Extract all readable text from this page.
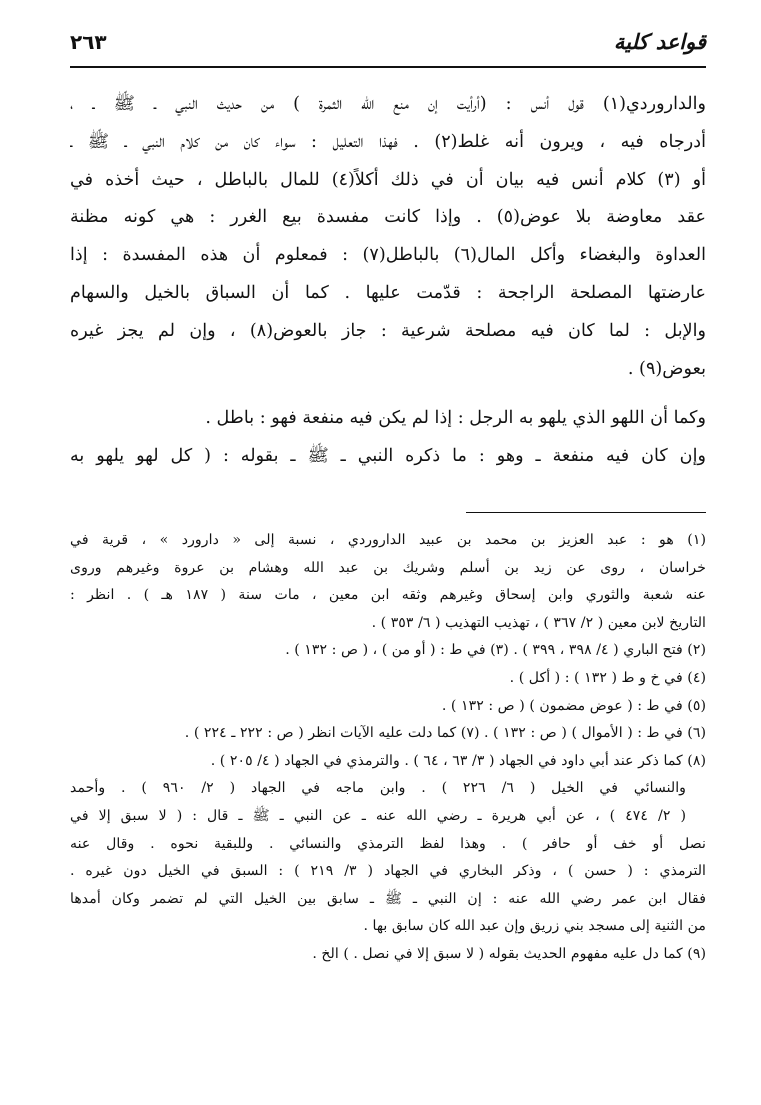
قواعد كلية
٢٦٣
والداروردي(١) قول أنس : (أرأيت إن منع الله الثمرة ) من حديث النبي ـ ﷺ ـ ،
أدرجاه فيه ، ويرون أنه غلط(٢) . فهذا التعليل : سواء كان من كلام النبي ـ ﷺ ـ
أو (٣) كلام أنس فيه بيان أن في ذلك أكلاً(٤) للمال بالباطل ، حيث أخذه في
عقد معاوضة بلا عوض(٥) . وإذا كانت مفسدة بيع الغرر : هي كونه مظنة
العداوة والبغضاء وأكل المال(٦) بالباطل(٧) : فمعلوم أن هذه المفسدة : إذا
عارضتها المصلحة الراجحة : قدّمت عليها . كما أن السباق بالخيل والسهام
والإبل : لما كان فيه مصلحة شرعية : جاز بالعوض(٨) ، وإن لم يجز غيره
بعوض(٩) .
وكما أن اللهو الذي يلهو به الرجل : إذا لم يكن فيه منفعة فهو : باطل .
وإن كان فيه منفعة ـ وهو : ما ذكره النبي ـ ﷺ ـ بقوله : ( كل لهو يلهو به
(١) هو : عبد العزيز بن محمد بن عبيد الداروردي ، نسبة إلى « دارورد » ، قرية في
خراسان ، روى عن زيد بن أسلم وشريك بن عبد الله وهشام بن عروة وغيرهم وروى
عنه شعبة والثوري وابن إسحاق وغيرهم وثقه ابن معين ، مات سنة ( ١٨٧ هـ ) . انظر :
التاريخ لابن معين ( ٢/ ٣٦٧ ) ، تهذيب التهذيب ( ٦/ ٣٥٣ ) .
(٢) فتح الباري ( ٤/ ٣٩٨ ، ٣٩٩ ) . (٣) في ط : ( أو من ) ، ( ص : ١٣٢ ) .
(٤) في خ و ط ( ١٣٢ ) : ( أكل ) .
(٥) في ط : ( عوض مضمون ) ( ص : ١٣٢ ) .
(٦) في ط : ( الأموال ) ( ص : ١٣٢ ) . (٧) كما دلت عليه الآيات انظر ( ص : ٢٢٢ ـ ٢٢٤ ) .
(٨) كما ذكر عند أبي داود في الجهاد ( ٣/ ٦٣ ، ٦٤ ) . والترمذي في الجهاد ( ٤/ ٢٠٥ ) .
والنسائي في الخيل ( ٦/ ٢٢٦ ) . وابن ماجه في الجهاد ( ٢/ ٩٦٠ ) . وأحمد
( ٢/ ٤٧٤ ) ، عن أبي هريرة ـ رضي الله عنه ـ عن النبي ـ ﷺ ـ قال : ( لا سبق إلا في
نصل أو خف أو حافر ) . وهذا لفظ الترمذي والنسائي . وللبقية نحوه . وقال عنه
الترمذي : ( حسن ) ، وذكر البخاري في الجهاد ( ٣/ ٢١٩ ) : السبق في الخيل دون غيره .
فقال ابن عمر رضي الله عنه : إن النبي ـ ﷺ ـ سابق بين الخيل التي لم تضمر وكان أمدها
من الثنية إلى مسجد بني زريق وإن عبد الله كان سابق بها .
(٩) كما دل عليه مفهوم الحديث بقوله ( لا سبق إلا في نصل . ) الخ .
